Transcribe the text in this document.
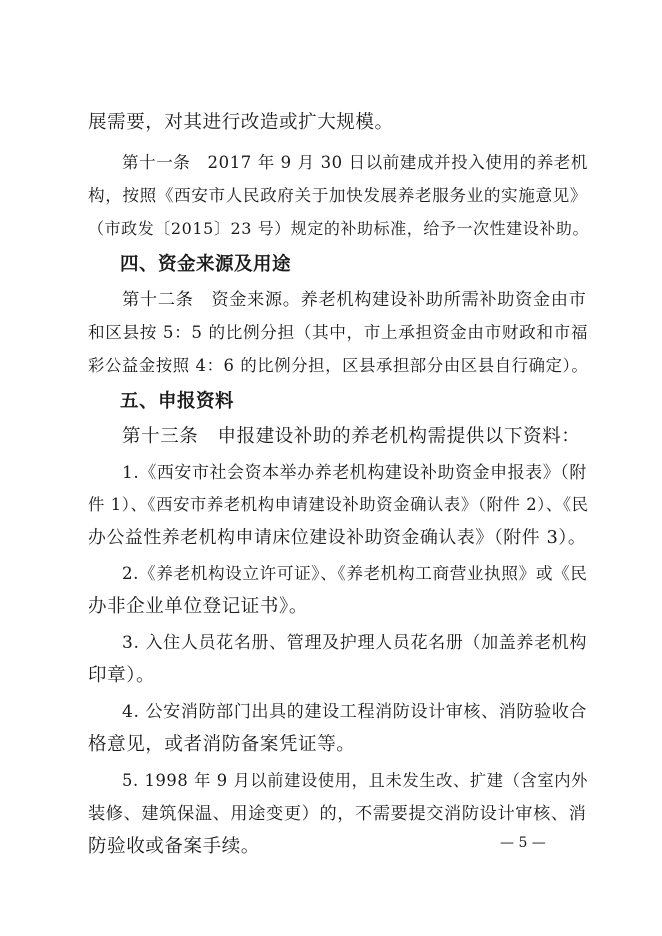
展需要，对其进行改造或扩大规模。
第十一条　2017 年 9 月 30 日以前建成并投入使用的养老机
构，按照《西安市人民政府关于加快发展养老服务业的实施意见》
（市政发〔2015〕23 号）规定的补助标准，给予一次性建设补助。
四、资金来源及用途
第十二条　资金来源。养老机构建设补助所需补助资金由市
和区县按 5：5 的比例分担（其中，市上承担资金由市财政和市福
彩公益金按照 4：6 的比例分担，区县承担部分由区县自行确定）。
五、申报资料
第十三条　申报建设补助的养老机构需提供以下资料：
1.《西安市社会资本举办养老机构建设补助资金申报表》（附
件 1）、《西安市养老机构申请建设补助资金确认表》（附件 2）、《民
办公益性养老机构申请床位建设补助资金确认表》（附件 3）。
2.《养老机构设立许可证》、《养老机构工商营业执照》或《民
办非企业单位登记证书》。
3. 入住人员花名册、管理及护理人员花名册（加盖养老机构
印章）。
4. 公安消防部门出具的建设工程消防设计审核、消防验收合
格意见，或者消防备案凭证等。
5. 1998 年 9 月以前建设使用，且未发生改、扩建（含室内外
装修、建筑保温、用途变更）的，不需要提交消防设计审核、消
防验收或备案手续。	— 5 —
